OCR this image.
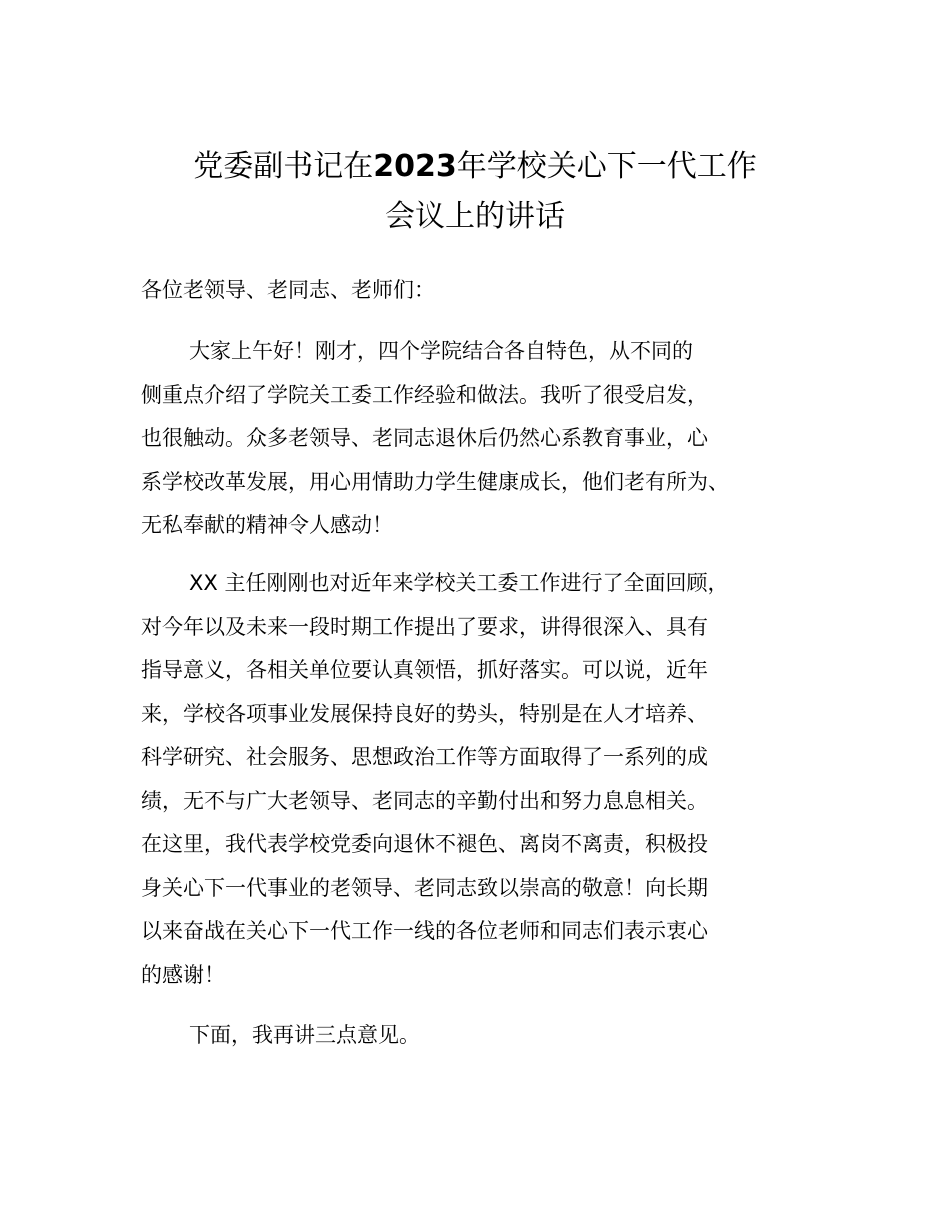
党委副书记在2023年学校关心下一代工作
会议上的讲话
各位老领导、老同志、老师们：
大家上午好！刚才，四个学院结合各自特色，从不同的
侧重点介绍了学院关工委工作经验和做法。我听了很受启发，
也很触动。众多老领导、老同志退休后仍然心系教育事业，心
系学校改革发展，用心用情助力学生健康成长，他们老有所为、
无私奉献的精神令人感动！
XX 主任刚刚也对近年来学校关工委工作进行了全面回顾，
对今年以及未来一段时期工作提出了要求，讲得很深入、具有
指导意义，各相关单位要认真领悟，抓好落实。可以说，近年
来，学校各项事业发展保持良好的势头，特别是在人才培养、
科学研究、社会服务、思想政治工作等方面取得了一系列的成
绩，无不与广大老领导、老同志的辛勤付出和努力息息相关。
在这里，我代表学校党委向退休不褪色、离岗不离责，积极投
身关心下一代事业的老领导、老同志致以崇高的敬意！向长期
以来奋战在关心下一代工作一线的各位老师和同志们表示衷心
的感谢！
下面，我再讲三点意见。
